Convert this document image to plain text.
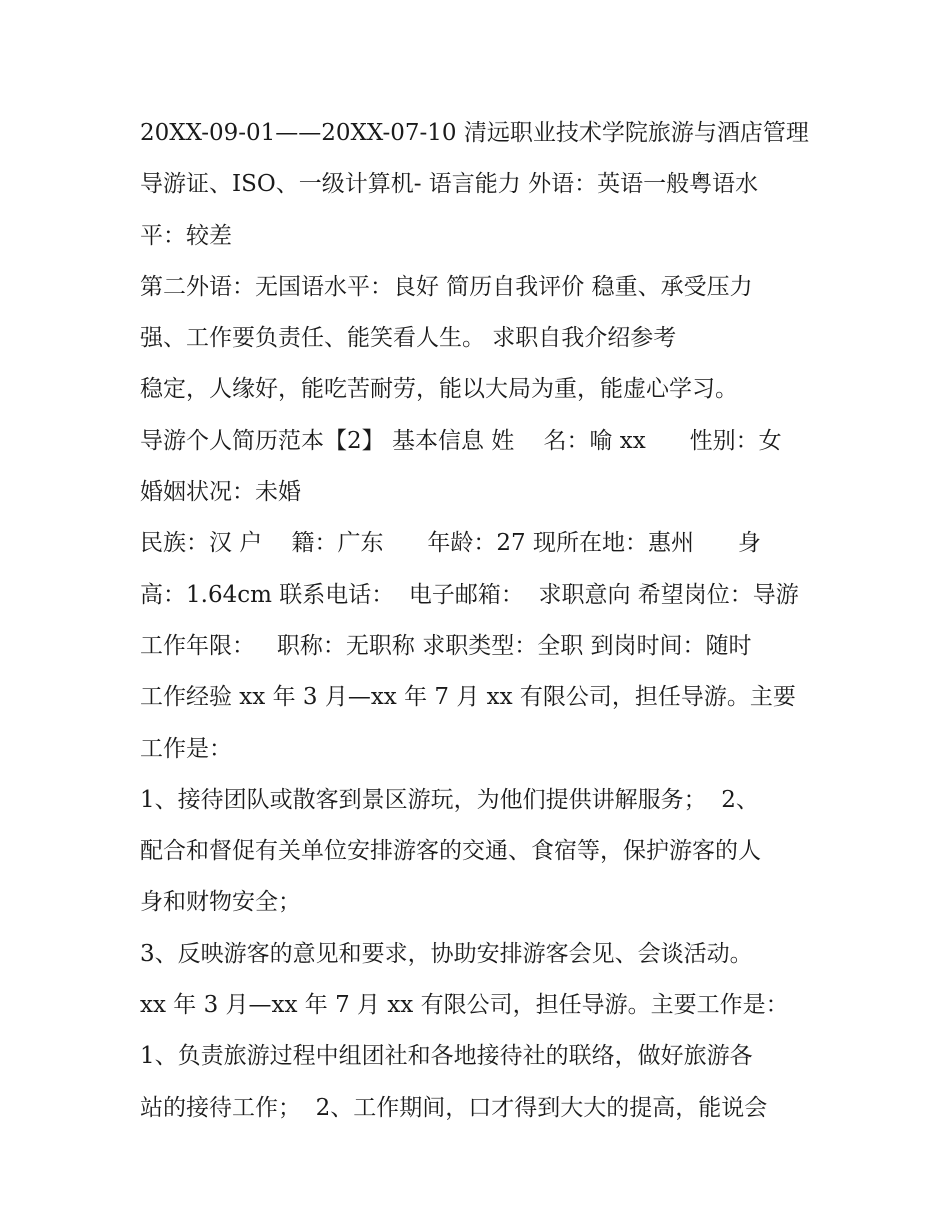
20XX-09-01——20XX-07-10 清远职业技术学院旅游与酒店管理
导游证、ISO、一级计算机- 语言能力 外语：英语一般粤语水
平：较差
第二外语：无国语水平：良好 简历自我评价 稳重、承受压力
强、工作要负责任、能笑看人生。 求职自我介绍参考
稳定，人缘好，能吃苦耐劳，能以大局为重，能虚心学习。
导游个人简历范本【2】 基本信息 姓    名：喻 xx      性别：女
婚姻状况：未婚
民族：汉 户    籍：广东      年龄：27 现所在地：惠州      身
高：1.64cm 联系电话：  电子邮箱：  求职意向 希望岗位：导游
工作年限：   职称：无职称 求职类型：全职 到岗时间：随时
工作经验 xx 年 3 月—xx 年 7 月 xx 有限公司，担任导游。主要
工作是：
1、接待团队或散客到景区游玩，为他们提供讲解服务；  2、
配合和督促有关单位安排游客的交通、食宿等，保护游客的人
身和财物安全；
3、反映游客的意见和要求，协助安排游客会见、会谈活动。
xx 年 3 月—xx 年 7 月 xx 有限公司，担任导游。主要工作是：
1、负责旅游过程中组团社和各地接待社的联络，做好旅游各
站的接待工作；  2、工作期间，口才得到大大的提高，能说会
